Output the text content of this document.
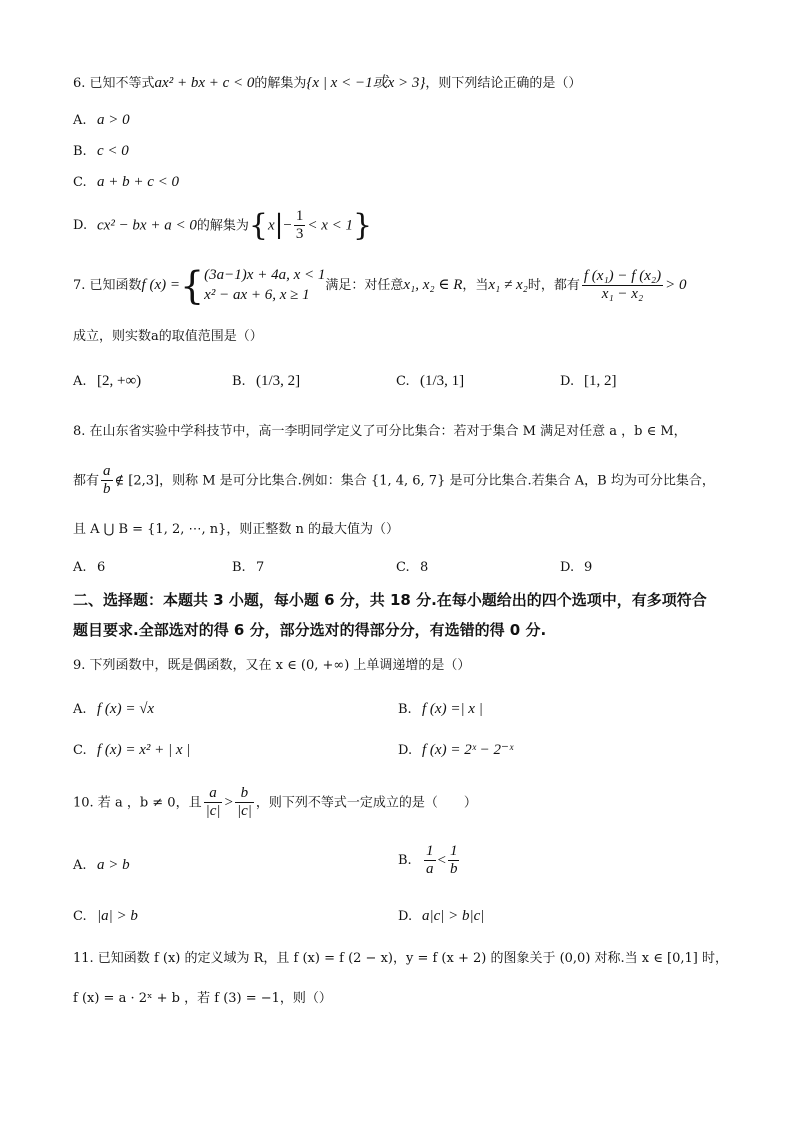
6. 已知不等式ax² + bx + c < 0的解集为{x | x < −1或x > 3}，则下列结论正确的是（）
A. a > 0
B. c < 0
C. a + b + c < 0
D. cx² − bx + a < 0的解集为$\{x|- \frac{1}{3} < x < 1\}$
7. 已知函数f (x) ={ (3a−1)x + 4a, x < 1
x² − ax + 6, x ≥ 1
满足：对任意x₁, x₂ ∈ R，当x₁ ≠ x₂时，都有 $\frac{\text{f (x₁) − f (x₂)}}{\text{x₁ − x₂}} > 0$
成立，则实数a的取值范围是（）
A. [2, +∞)	B. (1/3, 2]	C. (1/3, 1]	D. [1, 2]
8. 在山东省实验中学科技节中，高一李明同学定义了可分比集合：若对于集合 M 满足对任意 a ，b ∈ M，
都有 $\frac{a}{b}$ ∉ [2,3]，则称 M 是可分比集合.例如：集合 {1, 4, 6, 7} 是可分比集合.若集合 A，B 均为可分比集合，
且 A ⋃ B = {1, 2, ⋯, n}，则正整数 n 的最大值为（）
A. 6	B. 7	C. 8	D. 9
二、选择题：本题共 3 小题，每小题 6 分，共 18 分.在每小题给出的四个选项中，有多项符合
题目要求.全部选对的得 6 分，部分选对的得部分分，有选错的得 0 分.
9. 下列函数中，既是偶函数，又在 x ∈ (0, +∞) 上单调递增的是（）
A. f (x) = √x	B. f (x) =| x |
C. f (x) = x² + | x |	D. f (x) = 2ˣ − 2⁻ˣ
10. 若 a ，b ≠ 0，且 $\frac{a}{|c|} > \frac{b}{|c|}$ ，则下列不等式一定成立的是（　　）
A. a > b	B. $\frac{1}{a} < \frac{1}{b}$
C. |a| > b	D. a|c| > b|c|
11. 已知函数 f (x) 的定义域为 R，且 f (x) = f (2 − x)，y = f (x + 2) 的图象关于 (0,0) 对称.当 x ∈ [0,1] 时，
f (x) = a · 2ˣ + b ，若 f (3) = −1，则（）
